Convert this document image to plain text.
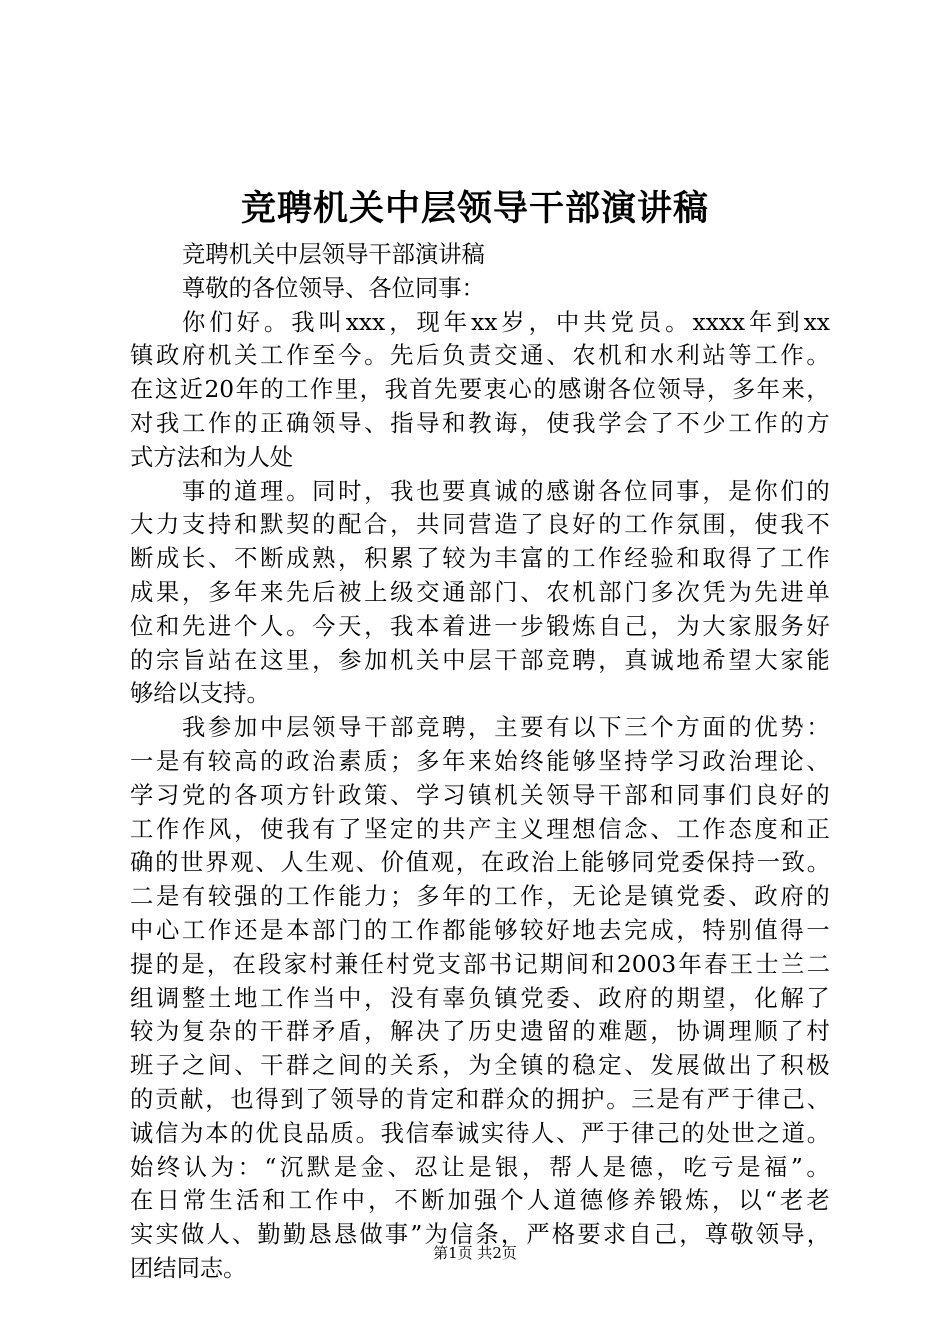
竞聘机关中层领导干部演讲稿
竞聘机关中层领导干部演讲稿
尊敬的各位领导、各位同事：
你 们 好 。 我 叫 xxx ， 现 年 xx 岁 ， 中 共 党 员 。 xxxx 年 到 xx
镇 政 府 机 关 工 作 至 今 。 先 后 负 责 交 通 、 农 机 和 水 利 站 等 工 作 。
在 这 近 20 年 的 工 作 里 ， 我 首 先 要 衷 心 的 感 谢 各 位 领 导 ， 多 年 来 ，
对 我 工 作 的 正 确 领 导 、 指 导 和 教 诲 ， 使 我 学 会 了 不 少 工 作 的 方
式方法和为人处
事 的 道 理 。 同 时 ， 我 也 要 真 诚 的 感 谢 各 位 同 事 ， 是 你 们 的
大 力 支 持 和 默 契 的 配 合 ， 共 同 营 造 了 良 好 的 工 作 氛 围 ， 使 我 不
断 成 长 、 不 断 成 熟 ， 积 累 了 较 为 丰 富 的 工 作 经 验 和 取 得 了 工 作
成 果 ， 多 年 来 先 后 被 上 级 交 通 部 门 、 农 机 部 门 多 次 凭 为 先 进 单
位 和 先 进 个 人 。 今 天 ， 我 本 着 进 一 步 锻 炼 自 己 ， 为 大 家 服 务 好
的 宗 旨 站 在 这 里 ， 参 加 机 关 中 层 干 部 竞 聘 ， 真 诚 地 希 望 大 家 能
够给以支持。
我 参 加 中 层 领 导 干 部 竞 聘 ， 主 要 有 以 下 三 个 方 面 的 优 势 ：
一 是 有 较 高 的 政 治 素 质 ； 多 年 来 始 终 能 够 坚 持 学 习 政 治 理 论 、
学 习 党 的 各 项 方 针 政 策 、 学 习 镇 机 关 领 导 干 部 和 同 事 们 良 好 的
工 作 作 风 ， 使 我 有 了 坚 定 的 共 产 主 义 理 想 信 念 、 工 作 态 度 和 正
确 的 世 界 观 、 人 生 观 、 价 值 观 ， 在 政 治 上 能 够 同 党 委 保 持 一 致 。
二 是 有 较 强 的 工 作 能 力 ； 多 年 的 工 作 ， 无 论 是 镇 党 委 、 政 府 的
中 心 工 作 还 是 本 部 门 的 工 作 都 能 够 较 好 地 去 完 成 ， 特 别 值 得 一
提 的 是 ， 在 段 家 村 兼 任 村 党 支 部 书 记 期 间 和 2003 年 春 王 士 兰 二
组 调 整 土 地 工 作 当 中 ， 没 有 辜 负 镇 党 委 、 政 府 的 期 望 ， 化 解 了
较 为 复 杂 的 干 群 矛 盾 ， 解 决 了 历 史 遗 留 的 难 题 ， 协 调 理 顺 了 村
班 子 之 间 、 干 群 之 间 的 关 系 ， 为 全 镇 的 稳 定 、 发 展 做 出 了 积 极
的 贡 献 ， 也 得 到 了 领 导 的 肯 定 和 群 众 的 拥 护 。 三 是 有 严 于 律 己 、
诚 信 为 本 的 优 良 品 质 。 我 信 奉 诚 实 待 人 、 严 于 律 己 的 处 世 之 道 。
始 终 认 为 ： “ 沉 默 是 金 、 忍 让 是 银 ， 帮 人 是 德 ， 吃 亏 是 福 ” 。
在 日 常 生 活 和 工 作 中 ， 不 断 加 强 个 人 道 德 修 养 锻 炼 ， 以 “ 老 老
实 实 做 人 、 勤 勤 恳 恳 做 事 ” 为 信 条 ， 严 格 要 求 自 己 ， 尊 敬 领 导 ，
团结同志。
第1页 共2页
